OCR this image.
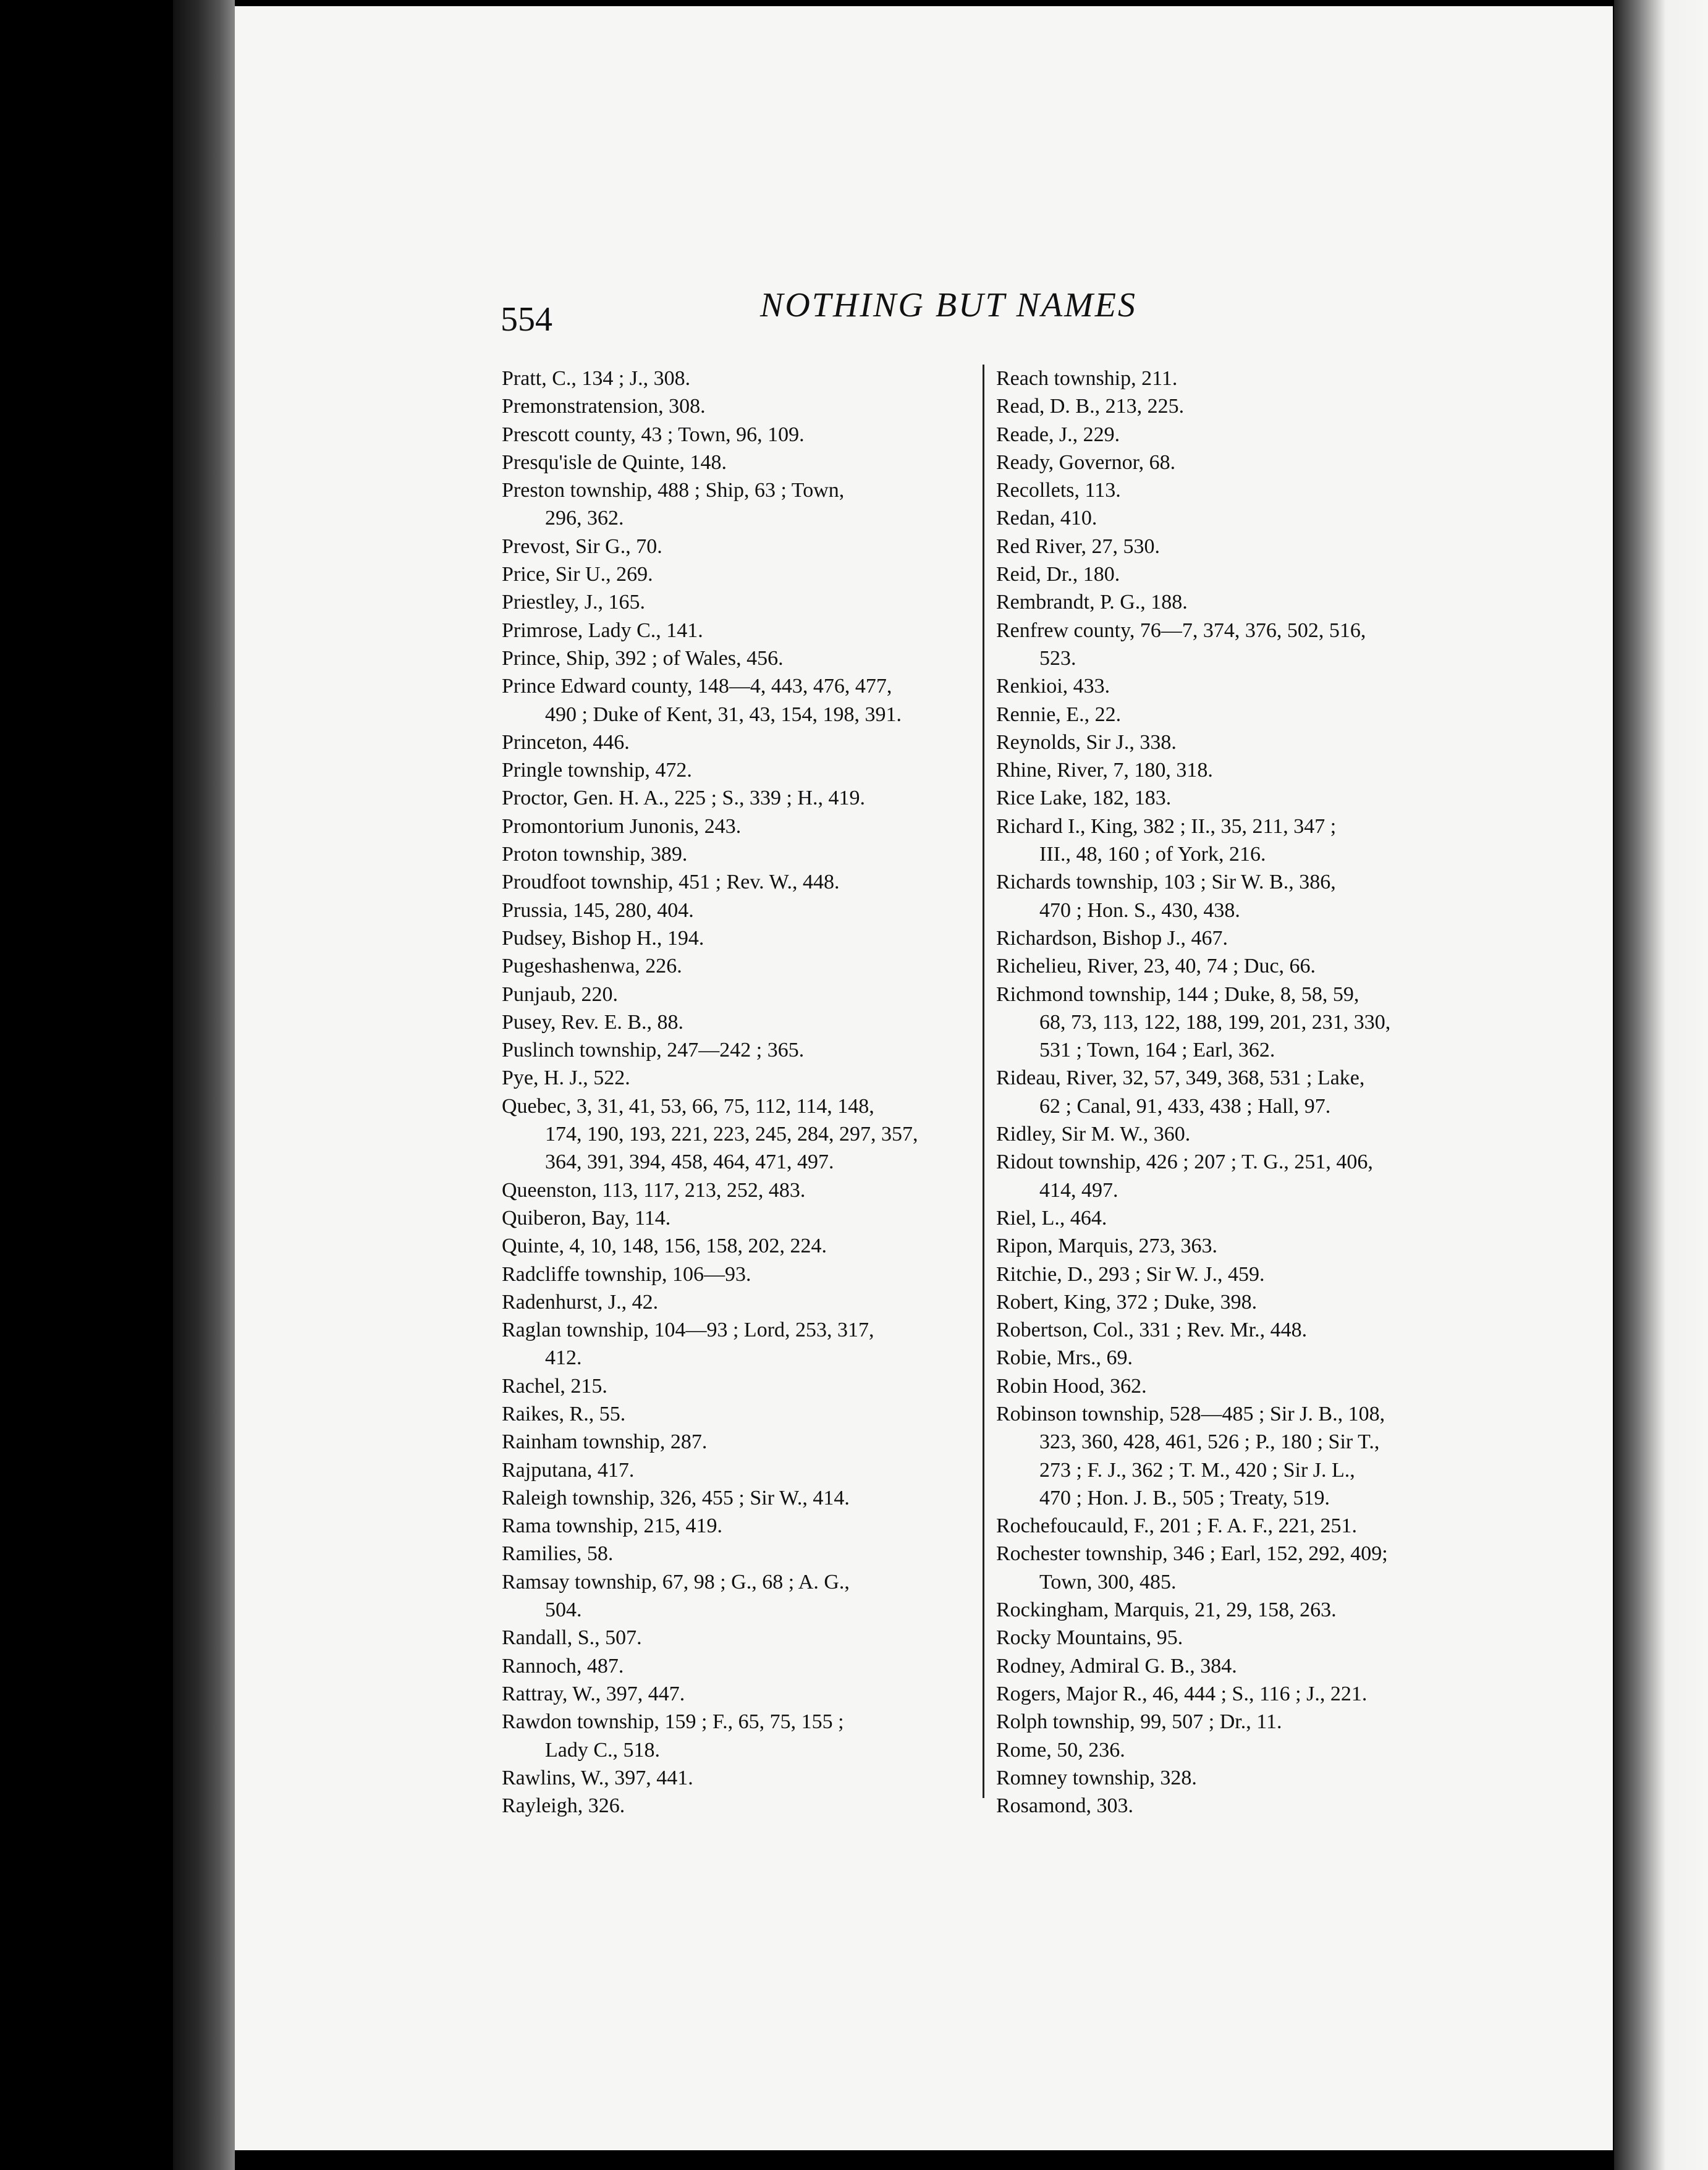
554	NOTHING BUT NAMES
Pratt, C., 134 ; J., 308.
Premonstratension, 308.
Prescott county, 43 ; Town, 96, 109.
Presqu'isle de Quinte, 148.
Preston township, 488 ; Ship, 63 ; Town,
296, 362.
Prevost, Sir G., 70.
Price, Sir U., 269.
Priestley, J., 165.
Primrose, Lady C., 141.
Prince, Ship, 392 ; of Wales, 456.
Prince Edward county, 148—4, 443, 476, 477,
490 ; Duke of Kent, 31, 43, 154, 198, 391.
Princeton, 446.
Pringle township, 472.
Proctor, Gen. H. A., 225 ; S., 339 ; H., 419.
Promontorium Junonis, 243.
Proton township, 389.
Proudfoot township, 451 ; Rev. W., 448.
Prussia, 145, 280, 404.
Pudsey, Bishop H., 194.
Pugeshashenwa, 226.
Punjaub, 220.
Pusey, Rev. E. B., 88.
Puslinch township, 247—242 ; 365.
Pye, H. J., 522.
Quebec, 3, 31, 41, 53, 66, 75, 112, 114, 148,
174, 190, 193, 221, 223, 245, 284, 297, 357,
364, 391, 394, 458, 464, 471, 497.
Queenston, 113, 117, 213, 252, 483.
Quiberon, Bay, 114.
Quinte, 4, 10, 148, 156, 158, 202, 224.
Radcliffe township, 106—93.
Radenhurst, J., 42.
Raglan township, 104—93 ; Lord, 253, 317,
412.
Rachel, 215.
Raikes, R., 55.
Rainham township, 287.
Rajputana, 417.
Raleigh township, 326, 455 ; Sir W., 414.
Rama township, 215, 419.
Ramilies, 58.
Ramsay township, 67, 98 ; G., 68 ; A. G.,
504.
Randall, S., 507.
Rannoch, 487.
Rattray, W., 397, 447.
Rawdon township, 159 ; F., 65, 75, 155 ;
Lady C., 518.
Rawlins, W., 397, 441.
Rayleigh, 326.
Reach township, 211.
Read, D. B., 213, 225.
Reade, J., 229.
Ready, Governor, 68.
Recollets, 113.
Redan, 410.
Red River, 27, 530.
Reid, Dr., 180.
Rembrandt, P. G., 188.
Renfrew county, 76—7, 374, 376, 502, 516,
523.
Renkioi, 433.
Rennie, E., 22.
Reynolds, Sir J., 338.
Rhine, River, 7, 180, 318.
Rice Lake, 182, 183.
Richard I., King, 382 ; II., 35, 211, 347 ;
III., 48, 160 ; of York, 216.
Richards township, 103 ; Sir W. B., 386,
470 ; Hon. S., 430, 438.
Richardson, Bishop J., 467.
Richelieu, River, 23, 40, 74 ; Duc, 66.
Richmond township, 144 ; Duke, 8, 58, 59,
68, 73, 113, 122, 188, 199, 201, 231, 330,
531 ; Town, 164 ; Earl, 362.
Rideau, River, 32, 57, 349, 368, 531 ; Lake,
62 ; Canal, 91, 433, 438 ; Hall, 97.
Ridley, Sir M. W., 360.
Ridout township, 426 ; 207 ; T. G., 251, 406,
414, 497.
Riel, L., 464.
Ripon, Marquis, 273, 363.
Ritchie, D., 293 ; Sir W. J., 459.
Robert, King, 372 ; Duke, 398.
Robertson, Col., 331 ; Rev. Mr., 448.
Robie, Mrs., 69.
Robin Hood, 362.
Robinson township, 528—485 ; Sir J. B., 108,
323, 360, 428, 461, 526 ; P., 180 ; Sir T.,
273 ; F. J., 362 ; T. M., 420 ; Sir J. L.,
470 ; Hon. J. B., 505 ; Treaty, 519.
Rochefoucauld, F., 201 ; F. A. F., 221, 251.
Rochester township, 346 ; Earl, 152, 292, 409;
Town, 300, 485.
Rockingham, Marquis, 21, 29, 158, 263.
Rocky Mountains, 95.
Rodney, Admiral G. B., 384.
Rogers, Major R., 46, 444 ; S., 116 ; J., 221.
Rolph township, 99, 507 ; Dr., 11.
Rome, 50, 236.
Romney township, 328.
Rosamond, 303.
